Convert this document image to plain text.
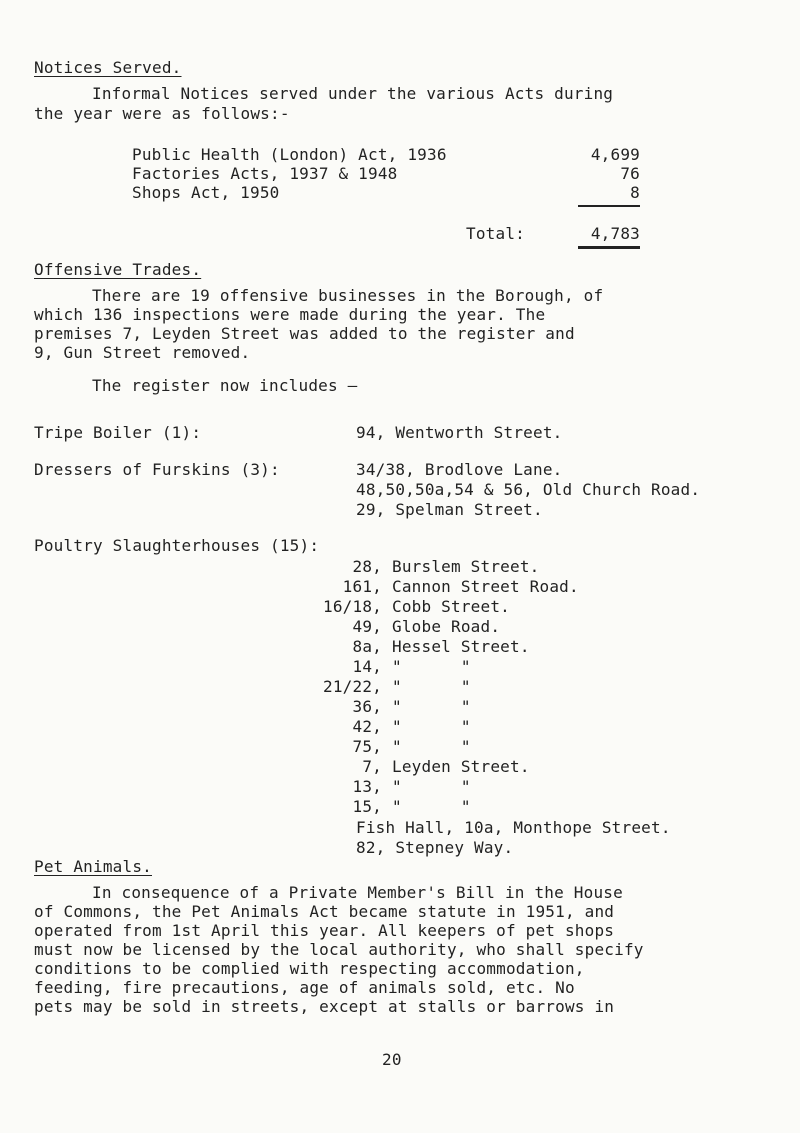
Notices Served.
Informal Notices served under the various Acts during
the year were as follows:-
Public Health (London) Act, 1936	4,699
Factories Acts, 1937 & 1948	76
Shops Act, 1950	8
Total:	4,783
Offensive Trades.
There are 19 offensive businesses in the Borough, of
which 136 inspections were made during the year. The
premises 7, Leyden Street was added to the register and
9, Gun Street removed.
The register now includes —
Tripe Boiler (1):	94, Wentworth Street.
Dressers of Furskins (3):	34/38, Brodlove Lane.
48,50,50a,54 & 56, Old Church Road.
29, Spelman Street.
Poultry Slaughterhouses (15):
28, Burslem Street.
161, Cannon Street Road.
16/18, Cobb Street.
49, Globe Road.
8a, Hessel Street.
14, "      "
21/22, "      "
36, "      "
42, "      "
75, "      "
7, Leyden Street.
13, "      "
15, "      "
Fish Hall, 10a, Monthope Street.
82, Stepney Way.
Pet Animals.
In consequence of a Private Member's Bill in the House
of Commons, the Pet Animals Act became statute in 1951, and
operated from 1st April this year. All keepers of pet shops
must now be licensed by the local authority, who shall specify
conditions to be complied with respecting accommodation,
feeding, fire precautions, age of animals sold, etc. No
pets may be sold in streets, except at stalls or barrows in
20
